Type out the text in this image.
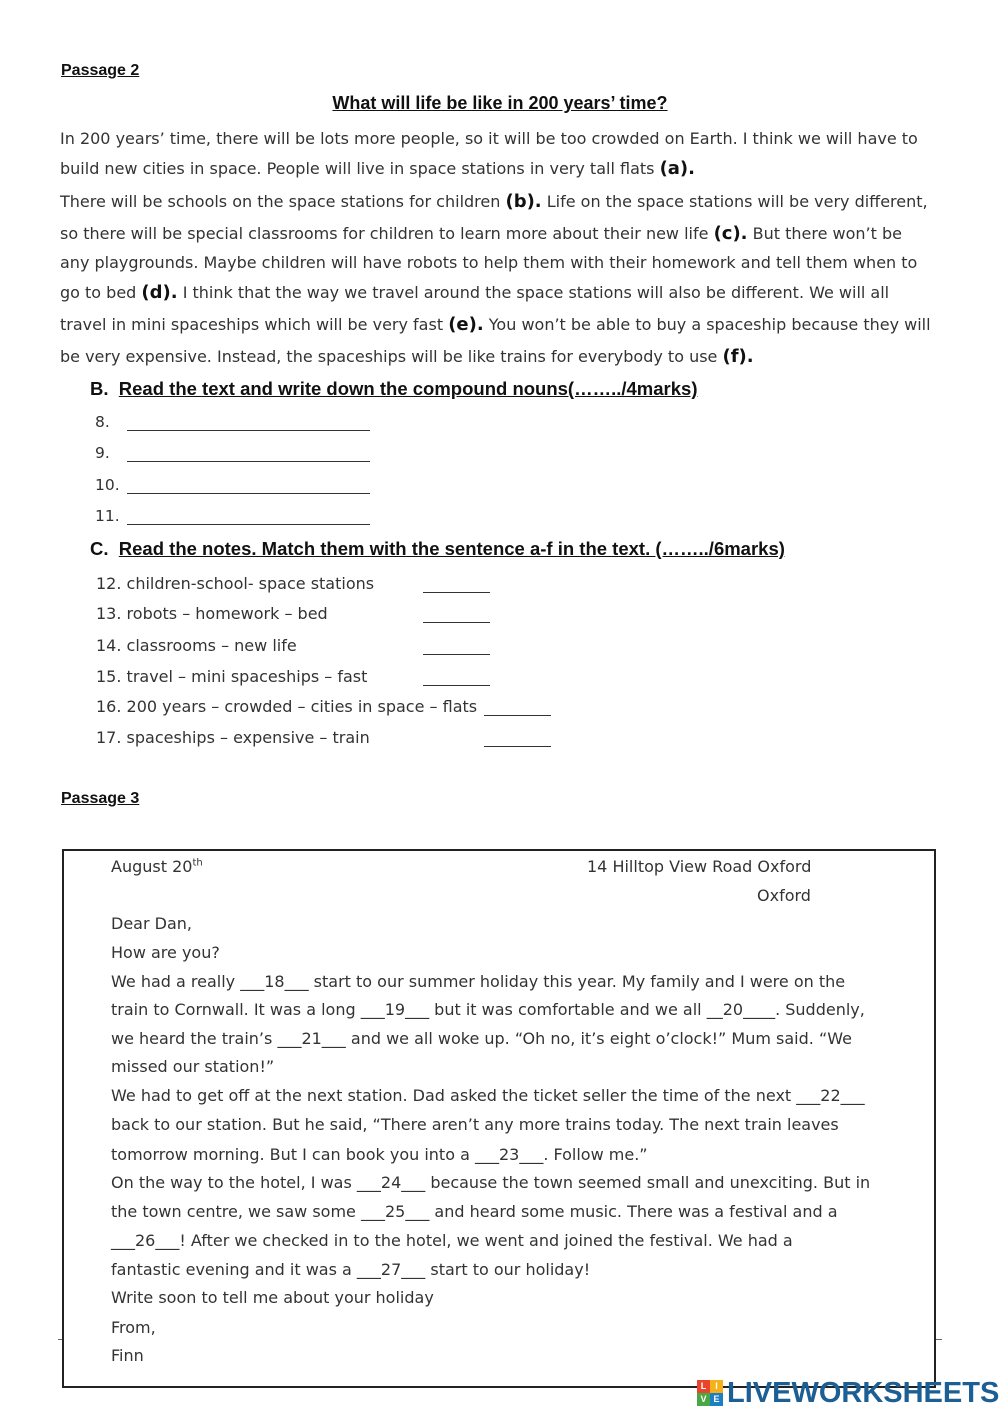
Passage 2
What will life be like in 200 years’ time?
In 200 years’ time, there will be lots more people, so it will be too crowded on Earth. I think we will have to
build new cities in space. People will live in space stations in very tall flats (a).
There will be schools on the space stations for children (b). Life on the space stations will be very different,
so there will be special classrooms for children to learn more about their new life (c). But there won’t be
any playgrounds. Maybe children will have robots to help them with their homework and tell them when to
go to bed (d). I think that the way we travel around the space stations will also be different. We will all
travel in mini spaceships which will be very fast (e). You won’t be able to buy a spaceship because they will
be very expensive. Instead, the spaceships will be like trains for everybody to use (f).
B. Read the text and write down the compound nouns(……../4marks)
8.
9.
10.
11.
C. Read the notes. Match them with the sentence a-f in the text. (……../6marks)
12. children-school- space stations
13. robots – homework – bed
14. classrooms – new life
15. travel – mini spaceships – fast
16. 200 years – crowded – cities in space – flats
17. spaceships – expensive – train
Passage 3
August 20th	14 Hilltop View Road Oxford
Oxford
Dear Dan,
How are you?
We had a really ___18___ start to our summer holiday this year. My family and I were on the
train to Cornwall. It was a long ___19___ but it was comfortable and we all __20____. Suddenly,
we heard the train’s ___21___ and we all woke up. “Oh no, it’s eight o’clock!” Mum said. “We
missed our station!”
We had to get off at the next station. Dad asked the ticket seller the time of the next ___22___
back to our station. But he said, “There aren’t any more trains today. The next train leaves
tomorrow morning. But I can book you into a ___23___. Follow me.”
On the way to the hotel, I was ___24___ because the town seemed small and unexciting. But in
the town centre, we saw some ___25___ and heard some music. There was a festival and a
___26___! After we checked in to the hotel, we went and joined the festival. We had a
fantastic evening and it was a ___27___ start to our holiday!
Write soon to tell me about your holiday
From,
Finn
L I
V E LIVEWORKSHEETS
